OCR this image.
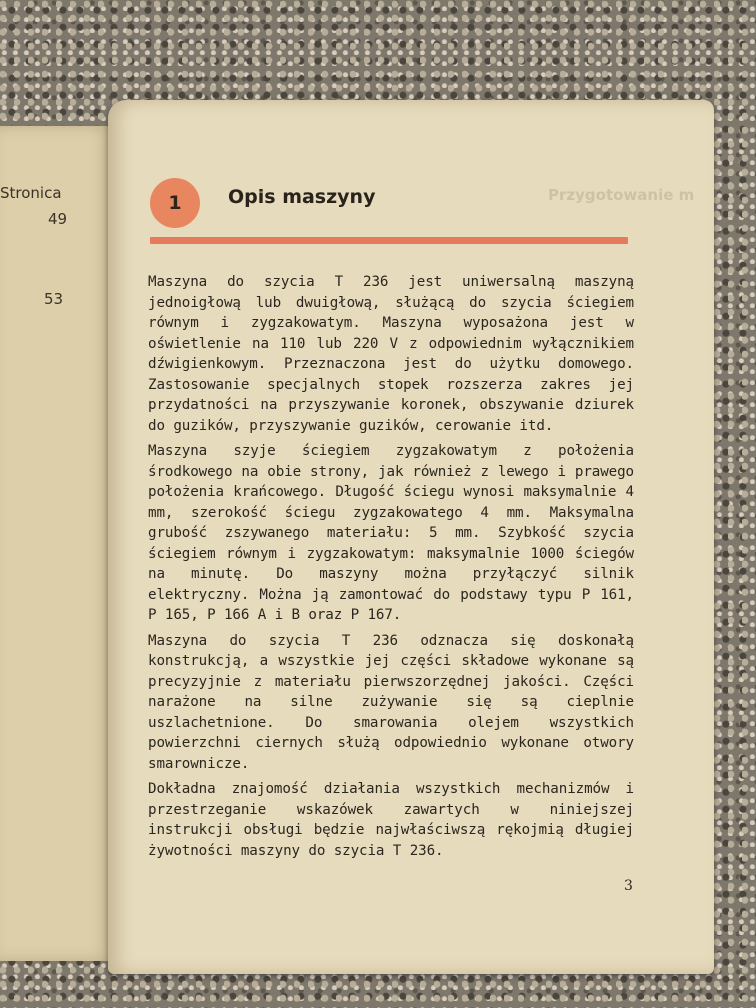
Stronica
49
53
Przygotowanie m
1 Opis maszyny

Maszyna do szycia T 236 jest uniwersalną maszyną jednoigłową lub dwuigłową, służącą do szycia ściegiem równym i zygzakowatym. Maszyna wyposażona jest w oświetlenie na 110 lub 220 V z odpowiednim wyłącznikiem dźwigienkowym. Przeznaczona jest do użytku domowego. Zastosowanie specjalnych stopek rozszerza zakres jej przydatności na przyszywanie koronek, obszywanie dziurek do guzików, przyszywanie guzików, cerowanie itd.

Maszyna szyje ściegiem zygzakowatym z położenia środkowego na obie strony, jak również z lewego i prawego położenia krańcowego. Długość ściegu wynosi maksymalnie 4 mm, szerokość ściegu zygzakowatego 4 mm. Maksymalna grubość zszywanego materiału: 5 mm. Szybkość szycia ściegiem równym i zygzakowatym: maksymalnie 1000 ściegów na minutę. Do maszyny można przyłączyć silnik elektryczny. Można ją zamontować do podstawy typu P 161, P 165, P 166 A i B oraz P 167.

Maszyna do szycia T 236 odznacza się doskonałą konstrukcją, a wszystkie jej części składowe wykonane są precyzyjnie z materiału pierwszorzędnej jakości. Części narażone na silne zużywanie się są cieplnie uszlachetnione. Do smarowania olejem wszystkich powierzchni ciernych służą odpowiednio wykonane otwory smarownicze.

Dokładna znajomość działania wszystkich mechanizmów i przestrzeganie wskazówek zawartych w niniejszej instrukcji obsługi będzie najwłaściwszą rękojmią długiej żywotności maszyny do szycia T 236.

3
